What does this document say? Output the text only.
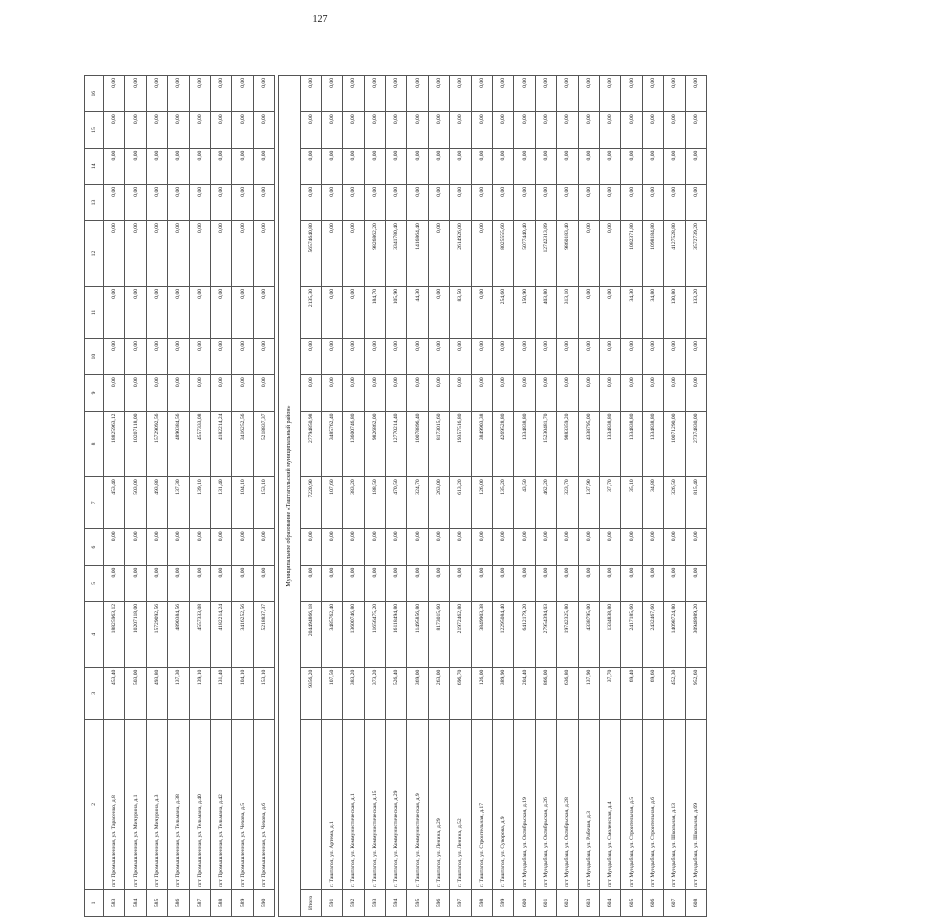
127
1	2	3	4	5	6	7	8	9	10	11	12	13	14	15	16
583	пгт Промышленная, ул. Тарасенко, д.8	453,40	18825963,12	0,00	0,00	453,40	18825963,12	0,00	0,00	0,00	0,00	0,00	0,00	0,00	0,00
584	пгт Промышленная, ул. Мичурина, д.1	503,00	10207118,00	0,00	0,00	503,00	10207118,00	0,00	0,00	0,00	0,00	0,00	0,00	0,00	0,00
585	пгт Промышленная, ул. Мичурина, д.3	493,80	15729092,56	0,00	0,00	493,80	15729092,56	0,00	0,00	0,00	0,00	0,00	0,00	0,00	0,00
586	пгт Промышленная, ул. Тельмана, д.38	137,30	4890384,56	0,00	0,00	137,30	4890384,56	0,00	0,00	0,00	0,00	0,00	0,00	0,00	0,00
587	пгт Промышленная, ул. Тельмана, д.40	139,10	4557333,08	0,00	0,00	139,10	4557333,08	0,00	0,00	0,00	0,00	0,00	0,00	0,00	0,00
588	пгт Промышленная, ул. Тельмана, д.42	131,40	4182214,24	0,00	0,00	131,40	4182214,24	0,00	0,00	0,00	0,00	0,00	0,00	0,00	0,00
589	пгт Промышленная, ул. Чехова, д.5	104,10	3416252,56	0,00	0,00	104,10	3416252,56	0,00	0,00	0,00	0,00	0,00	0,00	0,00	0,00
590	пгт Промышленная, ул. Чехова, д.6	153,10	5218837,37	0,00	0,00	153,10	5218837,37	0,00	0,00	0,00	0,00	0,00	0,00	0,00	0,00

Муниципальное образование «Таштагольский муниципальный район»															
Итого		9356,20	204494866,18	0,00	0,00	7220,90	27794850,98	0,00	0,00	2135,30	56574640,80	0,00	0,00	0,00	0,00
591	г. Таштагол, ул. Артема, д.1	107,50	3485762,40	0,00	0,00	107,60	3485762,40	0,00	0,00	0,00	0,00	0,00	0,00	0,00	0,00
592	г. Таштагол, ул. Коммунистическая, д.1	383,20	13600746,80	0,00	0,00	383,20	13600746,80	0,00	0,00	0,00	0,00	0,00	0,00	0,00	0,00
593	г. Таштагол, ул. Коммунистическая, д.15	373,20	11656475,20	0,00	0,00	188,50	9826862,00	0,00	0,00	184,70	9826862,20	0,00	0,00	0,00	0,00
594	г. Таштагол, ул. Коммунистическая, д.29	526,40	16118494,80	0,00	0,00	470,50	12770214,40	0,00	0,00	105,90	3341780,40	0,00	0,00	0,00	0,00
595	г. Таштагол, ул. Коммунистическая, д.9	369,00	11495856,80	0,00	0,00	324,70	10078896,40	0,00	0,00	44,30	1416864,40	0,00	0,00	0,00	0,00
596	г. Таштагол, ул. Ленина, д.29	263,00	8173015,60	0,00	0,00	263,00	8173015,60	0,00	0,00	0,00	0,00	0,00	0,00	0,00	0,00
597	г. Таштагол, ул. Ленина, д.52	696,70	21972462,80	0,00	0,00	613,20	19357516,80	0,00	0,00	83,50	2614926,00	0,00	0,00	0,00	0,00
598	г. Таштагол, ул. Строительная, д.17	126,00	3849903,38	0,00	0,00	126,00	3849903,38	0,00	0,00	0,00	0,00	0,00	0,00	0,00	0,00
599	г. Таштагол, ул. Суворова, д.9	389,90	12295084,40	0,00	0,00	135,20	4269528,80	0,00	0,00	254,60	8025555,60	0,00	0,00	0,00	0,00
600	пгт Мундыбаш, ул. Октябрьская, д.19	204,40	6412179,20	0,00	0,00	43,50	1334838,80	0,00	0,00	150,90	5077440,40	0,00	0,00	0,00	0,00
601	пгт Мундыбаш, ул. Октябрьская, д.26	866,00	27954394,03	0,00	0,00	462,20	15230481,70	0,00	0,00	403,80	12742313,89	0,00	0,00	0,00	0,00
602	пгт Мундыбаш, ул. Октябрьская, д.28	636,80	19742325,80	0,00	0,00	323,70	9883359,20	0,00	0,00	313,10	9860183,40	0,00	0,00	0,00	0,00
603	пгт Мундыбаш, ул. Рабочая, д.3	137,90	4338795,00	0,00	0,00	137,90	4338795,00	0,00	0,00	0,00	0,00	0,00	0,00	0,00	0,00
604	пгт Мундыбаш, ул. Смоленская, д.4	37,70	1334838,80	0,00	0,00	37,70	1334838,80	0,00	0,00	0,00	0,00	0,00	0,00	0,00	0,00
605	пгт Мундыбаш, ул. Строительная, д.5	69,40	2417185,60	0,00	0,00	35,10	1334838,80	0,00	0,00	34,30	1082371,80	0,00	0,00	0,00	0,00
606	пгт Мундыбаш, ул. Строительная, д.6	69,60	2432467,60	0,00	0,00	34,80	1334838,80	0,00	0,00	34,80	1098184,80	0,00	0,00	0,00	0,00
607	пгт Мундыбаш, ул. Школьная, д.13	452,30	14098724,80	0,00	0,00	326,50	10071290,00	0,00	0,00	130,80	4127528,80	0,00	0,00	0,00	0,00
608	пгт Мундыбаш, ул. Школьная, д.69	952,60	30948989,20	0,00	0,00	815,40	27374830,00	0,00	0,00	133,20	3572739,20	0,00	0,00	0,00	0,00
